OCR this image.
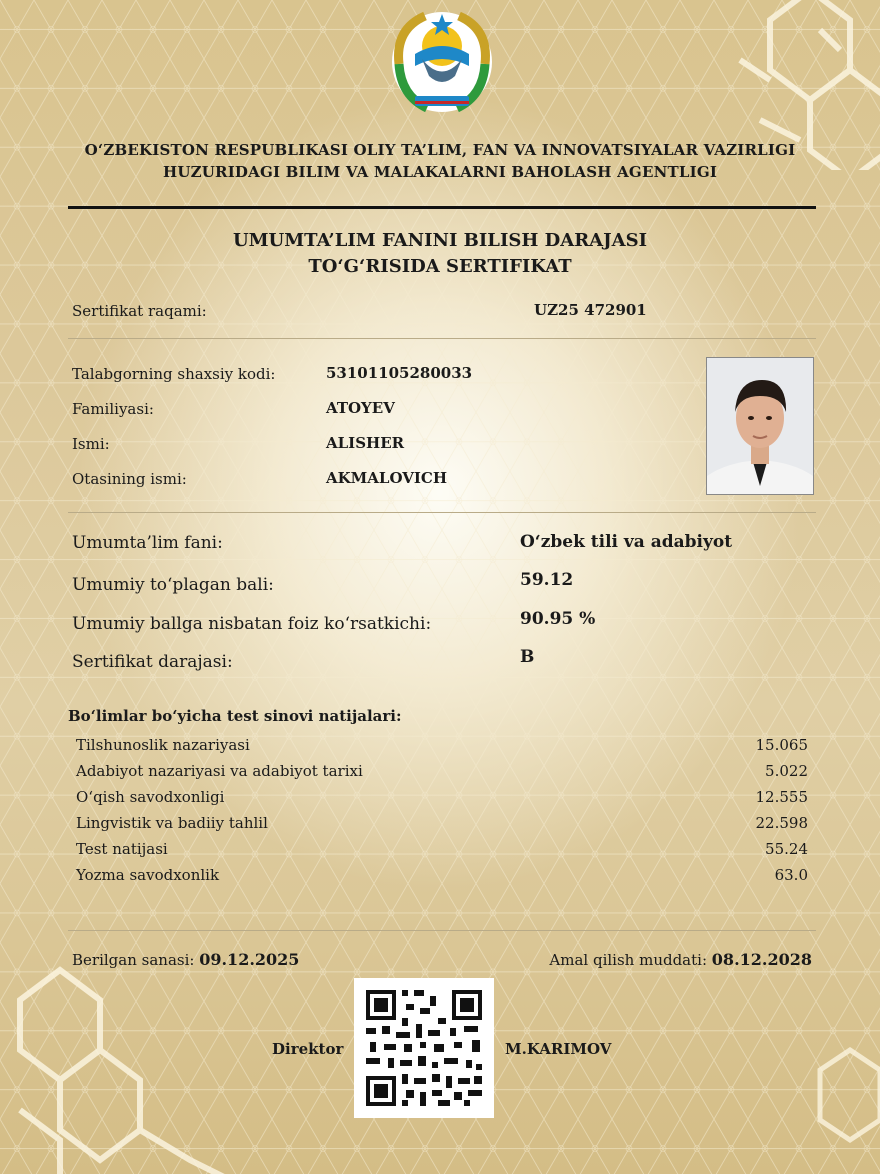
O‘ZBEKISTON RESPUBLIKASI OLIY TA’LIM, FAN VA INNOVATSIYALAR VAZIRLIGI
HUZURIDAGI BILIM VA MALAKALARNI BAHOLASH AGENTLIGI
UMUMTA’LIM FANINI BILISH DARAJASI
TO‘G‘RISIDA SERTIFIKAT
Sertifikat raqami:	UZ25 472901
Talabgorning shaxsiy kodi:	53101105280033
Familiyasi:	ATOYEV
Ismi:	ALISHER
Otasining ismi:	AKMALOVICH
Umumta’lim fani:	O‘zbek tili va adabiyot
Umumiy to‘plagan bali:	59.12
Umumiy ballga nisbatan foiz ko‘rsatkichi:	90.95 %
Sertifikat darajasi:	B
Bo‘limlar bo‘yicha test sinovi natijalari:
Tilshunoslik nazariyasi	15.065
Adabiyot nazariyasi va adabiyot tarixi	5.022
O‘qish savodxonligi	12.555
Lingvistik va badiiy tahlil	22.598
Test natijasi	55.24
Yozma savodxonlik	63.0
Berilgan sanasi: 09.12.2025	Amal qilish muddati: 08.12.2028
Direktor	M.KARIMOV
